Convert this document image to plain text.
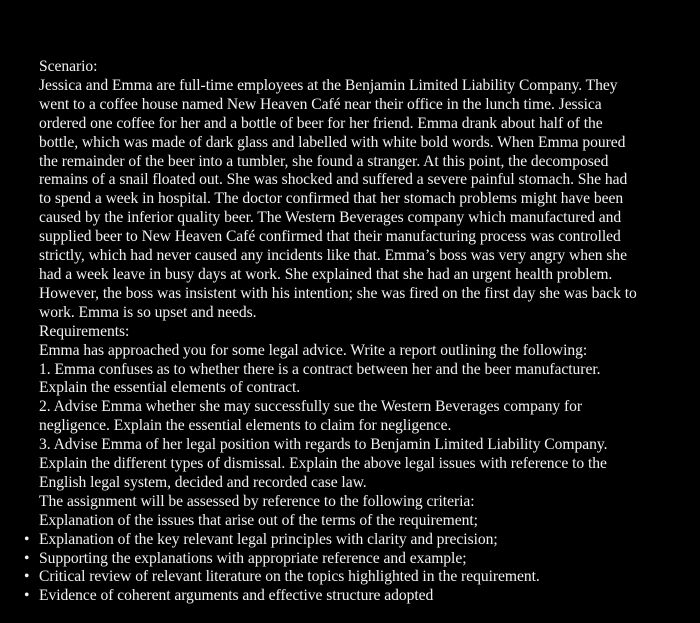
Scenario:
Jessica and Emma are full-time employees at the Benjamin Limited Liability Company. They
went to a coffee house named New Heaven Café near their office in the lunch time. Jessica
ordered one coffee for her and a bottle of beer for her friend. Emma drank about half of the
bottle, which was made of dark glass and labelled with white bold words. When Emma poured
the remainder of the beer into a tumbler, she found a stranger. At this point, the decomposed
remains of a snail floated out. She was shocked and suffered a severe painful stomach. She had
to spend a week in hospital. The doctor confirmed that her stomach problems might have been
caused by the inferior quality beer. The Western Beverages company which manufactured and
supplied beer to New Heaven Café confirmed that their manufacturing process was controlled
strictly, which had never caused any incidents like that. Emma’s boss was very angry when she
had a week leave in busy days at work. She explained that she had an urgent health problem.
However, the boss was insistent with his intention; she was fired on the first day she was back to
work. Emma is so upset and needs.
Requirements:
Emma has approached you for some legal advice. Write a report outlining the following:
1. Emma confuses as to whether there is a contract between her and the beer manufacturer.
Explain the essential elements of contract.
2. Advise Emma whether she may successfully sue the Western Beverages company for
negligence. Explain the essential elements to claim for negligence.
3. Advise Emma of her legal position with regards to Benjamin Limited Liability Company.
Explain the different types of dismissal. Explain the above legal issues with reference to the
English legal system, decided and recorded case law.
The assignment will be assessed by reference to the following criteria:
Explanation of the issues that arise out of the terms of the requirement;
• Explanation of the key relevant legal principles with clarity and precision;
• Supporting the explanations with appropriate reference and example;
• Critical review of relevant literature on the topics highlighted in the requirement.
• Evidence of coherent arguments and effective structure adopted
